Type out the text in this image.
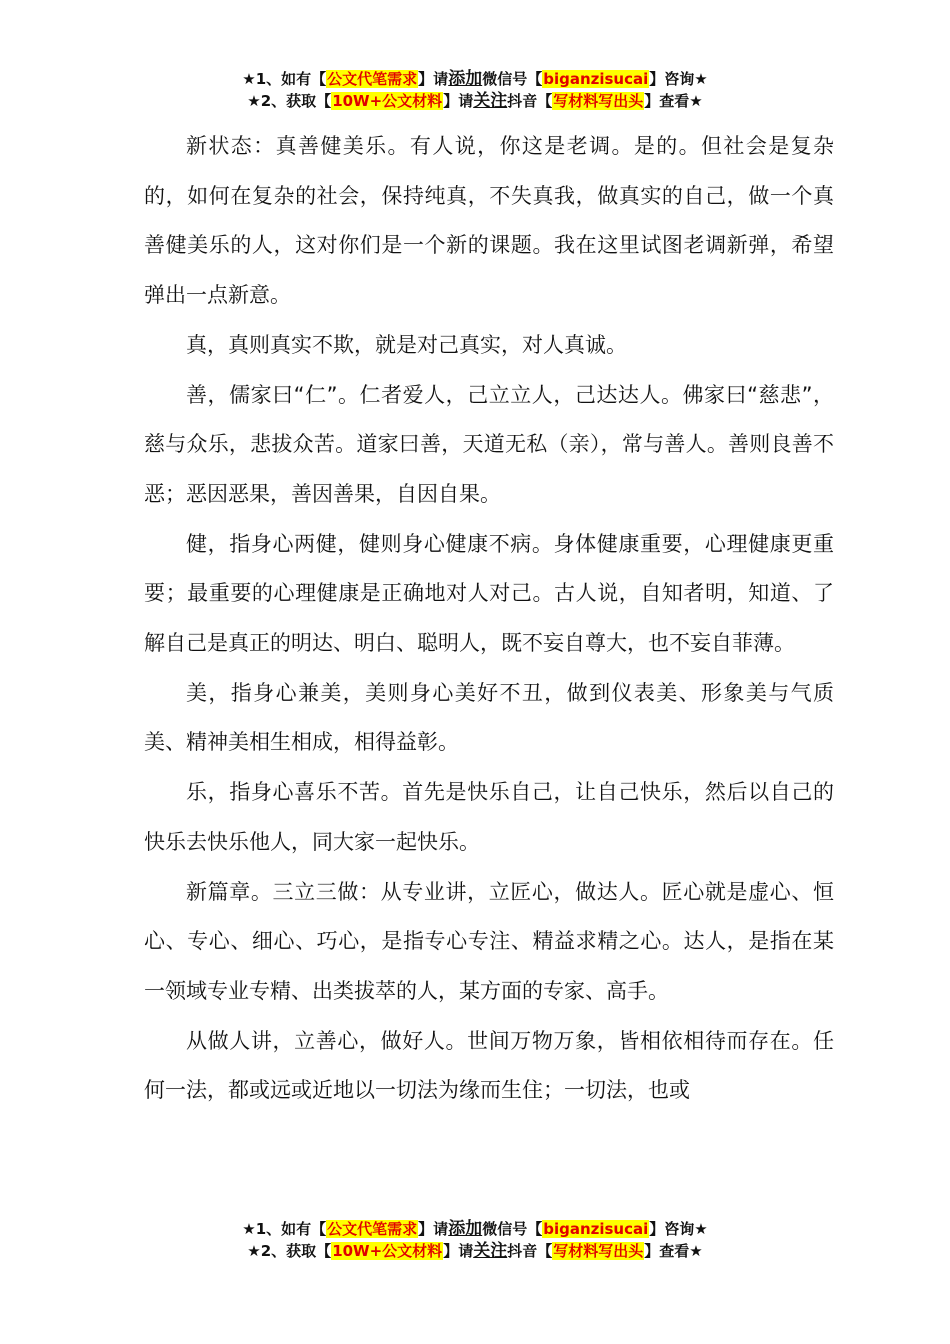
★1、如有【公文代笔需求】请添加微信号【biganzisucai】咨询★
★2、获取【10W+公文材料】请关注抖音【写材料写出头】查看★

新状态：真善健美乐。有人说，你这是老调。是的。但社会是复杂的，如何在复杂的社会，保持纯真，不失真我，做真实的自己，做一个真善健美乐的人，这对你们是一个新的课题。我在这里试图老调新弹，希望弹出一点新意。

真，真则真实不欺，就是对己真实，对人真诚。

善，儒家曰“仁”。仁者爱人，己立立人，己达达人。佛家曰“慈悲”，慈与众乐，悲拔众苦。道家曰善，天道无私（亲），常与善人。善则良善不恶；恶因恶果，善因善果，自因自果。

健，指身心两健，健则身心健康不病。身体健康重要，心理健康更重要；最重要的心理健康是正确地对人对己。古人说，自知者明，知道、了解自己是真正的明达、明白、聪明人，既不妄自尊大，也不妄自菲薄。

美，指身心兼美，美则身心美好不丑，做到仪表美、形象美与气质美、精神美相生相成，相得益彰。

乐，指身心喜乐不苦。首先是快乐自己，让自己快乐，然后以自己的快乐去快乐他人，同大家一起快乐。

新篇章。三立三做：从专业讲，立匠心，做达人。匠心就是虚心、恒心、专心、细心、巧心，是指专心专注、精益求精之心。达人，是指在某一领域专业专精、出类拔萃的人，某方面的专家、高手。

从做人讲，立善心，做好人。世间万物万象，皆相依相待而存在。任何一法，都或远或近地以一切法为缘而生住；一切法，也或

★1、如有【公文代笔需求】请添加微信号【biganzisucai】咨询★
★2、获取【10W+公文材料】请关注抖音【写材料写出头】查看★
